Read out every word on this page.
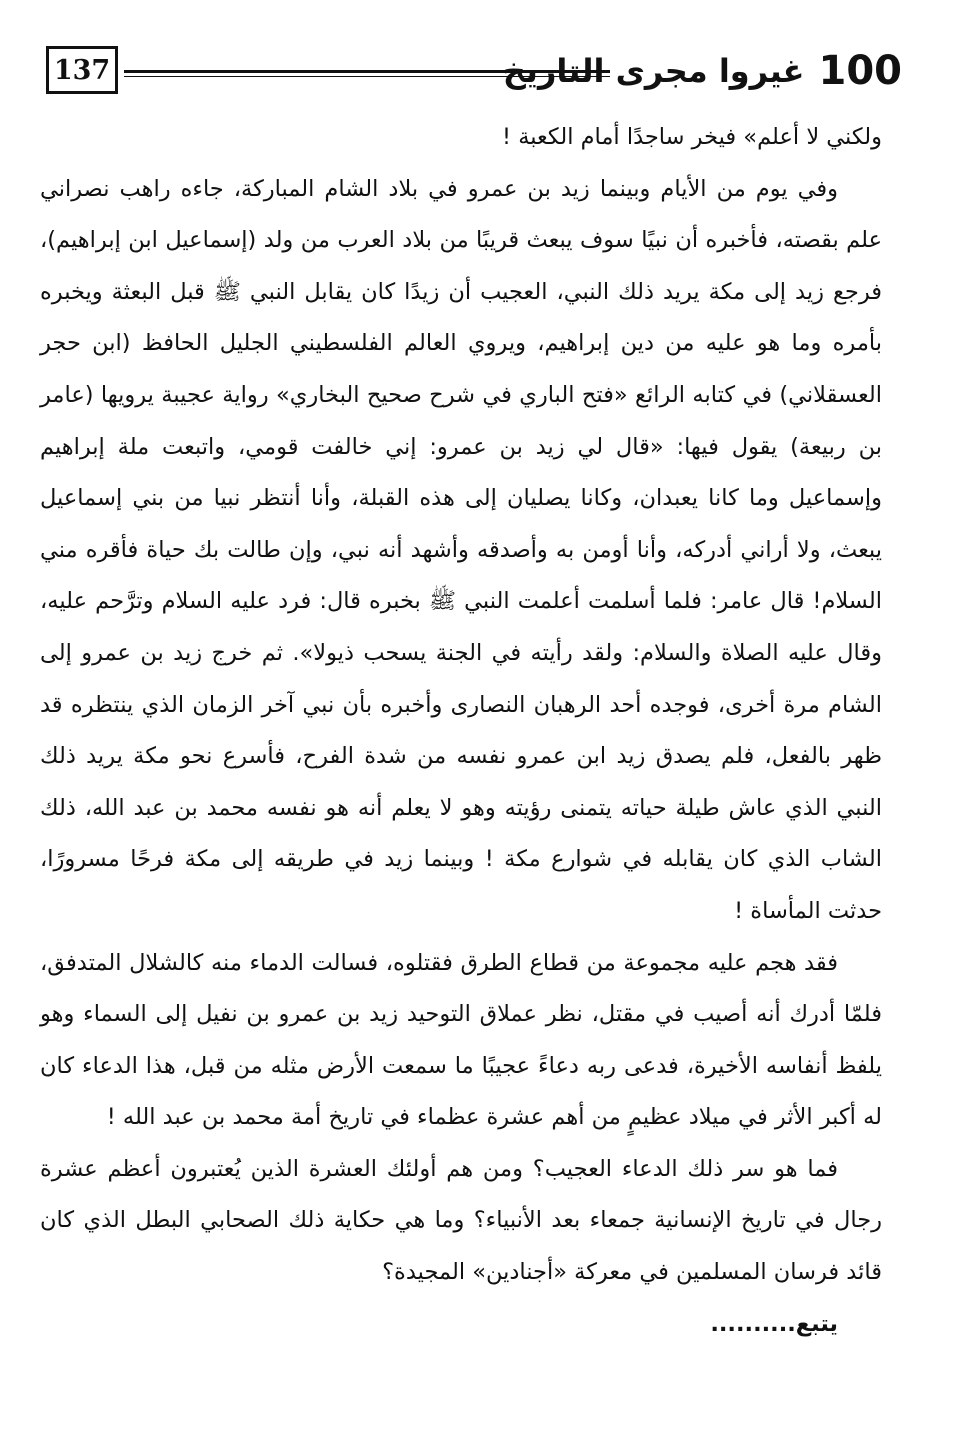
137	100
غيروا مجرى التاريخ

ولكني لا أعلم» فيخر ساجدًا أمام الكعبة !

وفي يوم من الأيام وبينما زيد بن عمرو في بلاد الشام المباركة، جاءه راهب نصراني علم بقصته، فأخبره أن نبيًا سوف يبعث قريبًا من بلاد العرب من ولد (إسماعيل ابن إبراهيم)، فرجع زيد إلى مكة يريد ذلك النبي، العجيب أن زيدًا كان يقابل النبي ﷺ قبل البعثة ويخبره بأمره وما هو عليه من دين إبراهيم، ويروي العالم الفلسطيني الجليل الحافظ (ابن حجر العسقلاني) في كتابه الرائع «فتح الباري في شرح صحيح البخاري» رواية عجيبة يرويها (عامر بن ربيعة) يقول فيها: «قال لي زيد بن عمرو: إني خالفت قومي، واتبعت ملة إبراهيم وإسماعيل وما كانا يعبدان، وكانا يصليان إلى هذه القبلة، وأنا أنتظر نبيا من بني إسماعيل يبعث، ولا أراني أدركه، وأنا أومن به وأصدقه وأشهد أنه نبي، وإن طالت بك حياة فأقره مني السلام! قال عامر: فلما أسلمت أعلمت النبي ﷺ بخبره قال: فرد عليه السلام وترَّحم عليه، وقال عليه الصلاة والسلام: ولقد رأيته في الجنة يسحب ذيولا». ثم خرج زيد بن عمرو إلى الشام مرة أخرى، فوجده أحد الرهبان النصارى وأخبره بأن نبي آخر الزمان الذي ينتظره قد ظهر بالفعل، فلم يصدق زيد ابن عمرو نفسه من شدة الفرح، فأسرع نحو مكة يريد ذلك النبي الذي عاش طيلة حياته يتمنى رؤيته وهو لا يعلم أنه هو نفسه محمد بن عبد الله، ذلك الشاب الذي كان يقابله في شوارع مكة ! وبينما زيد في طريقه إلى مكة فرحًا مسرورًا، حدثت المأساة !

فقد هجم عليه مجموعة من قطاع الطرق فقتلوه، فسالت الدماء منه كالشلال المتدفق، فلمّا أدرك أنه أصيب في مقتل، نظر عملاق التوحيد زيد بن عمرو بن نفيل إلى السماء وهو يلفظ أنفاسه الأخيرة، فدعى ربه دعاءً عجيبًا ما سمعت الأرض مثله من قبل، هذا الدعاء كان له أكبر الأثر في ميلاد عظيمٍ من أهم عشرة عظماء في تاريخ أمة محمد بن عبد الله !

فما هو سر ذلك الدعاء العجيب؟ ومن هم أولئك العشرة الذين يُعتبرون أعظم عشرة رجال في تاريخ الإنسانية جمعاء بعد الأنبياء؟ وما هي حكاية ذلك الصحابي البطل الذي كان قائد فرسان المسلمين في معركة «أجنادين» المجيدة؟

يتبع..........
